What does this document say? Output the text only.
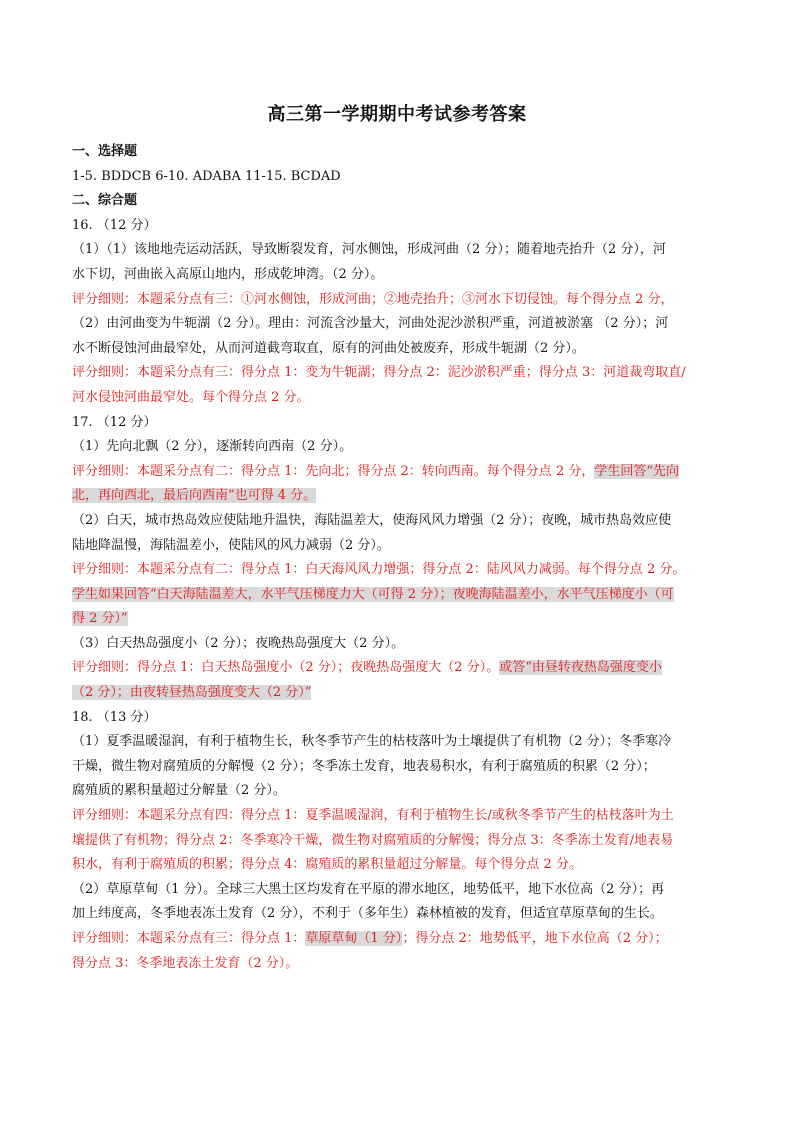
高三第一学期期中考试参考答案
一、选择题
1-5. BDDCB 6-10. ADABA 11-15. BCDAD
二、综合题
16. （12 分）
（1）（1）该地地壳运动活跃，导致断裂发育，河水侧蚀，形成河曲（2 分）；随着地壳抬升（2 分），河
水下切，河曲嵌入高原山地内，形成乾坤湾。（2 分）。
评分细则：本题采分点有三：①河水侧蚀，形成河曲；②地壳抬升；③河水下切侵蚀。每个得分点 2 分，
（2）由河曲变为牛轭湖（2 分）。理由：河流含沙量大，河曲处泥沙淤积严重，河道被淤塞 （2 分）；河
水不断侵蚀河曲最窄处，从而河道截弯取直，原有的河曲处被废弃，形成牛轭湖（2 分）。
评分细则：本题采分点有三：得分点 1：变为牛轭湖；得分点 2：泥沙淤积严重；得分点 3：河道裁弯取直/
河水侵蚀河曲最窄处。每个得分点 2 分。
17. （12 分）
（1）先向北飘（2 分），逐渐转向西南（2 分）。
评分细则：本题采分点有二：得分点 1：先向北；得分点 2：转向西南。每个得分点 2 分，学生回答“先向
北，再向西北，最后向西南”也可得 4 分。
（2）白天，城市热岛效应使陆地升温快，海陆温差大，使海风风力增强（2 分）；夜晚，城市热岛效应使
陆地降温慢，海陆温差小，使陆风的风力减弱（2 分）。
评分细则：本题采分点有二：得分点 1：白天海风风力增强；得分点 2：陆风风力减弱。每个得分点 2 分。
学生如果回答“白天海陆温差大，水平气压梯度力大（可得 2 分）；夜晚海陆温差小，水平气压梯度小（可
得 2 分）”
（3）白天热岛强度小（2 分）；夜晚热岛强度大（2 分）。
评分细则：得分点 1：白天热岛强度小（2 分）；夜晚热岛强度大（2 分）。或答“由昼转夜热岛强度变小
（2 分）；由夜转昼热岛强度变大（2 分）”
18. （13 分）
（1）夏季温暖湿润，有利于植物生长，秋冬季节产生的枯枝落叶为土壤提供了有机物（2 分）；冬季寒冷
干燥，微生物对腐殖质的分解慢（2 分）；冬季冻土发育，地表易积水，有利于腐殖质的积累（2 分）；
腐殖质的累积量超过分解量（2 分）。
评分细则：本题采分点有四：得分点 1：夏季温暖湿润，有利于植物生长/或秋冬季节产生的枯枝落叶为土
壤提供了有机物；得分点 2：冬季寒冷干燥，微生物对腐殖质的分解慢；得分点 3：冬季冻土发育/地表易
积水，有利于腐殖质的积累；得分点 4：腐殖质的累积量超过分解量。每个得分点 2 分。
（2）草原草甸（1 分）。全球三大黑土区均发育在平原的滞水地区，地势低平，地下水位高（2 分）；再
加上纬度高，冬季地表冻土发育（2 分），不利于（多年生）森林植被的发育，但适宜草原草甸的生长。
评分细则：本题采分点有三：得分点 1：草原草甸（1 分）；得分点 2：地势低平，地下水位高（2 分）；
得分点 3：冬季地表冻土发育（2 分）。
